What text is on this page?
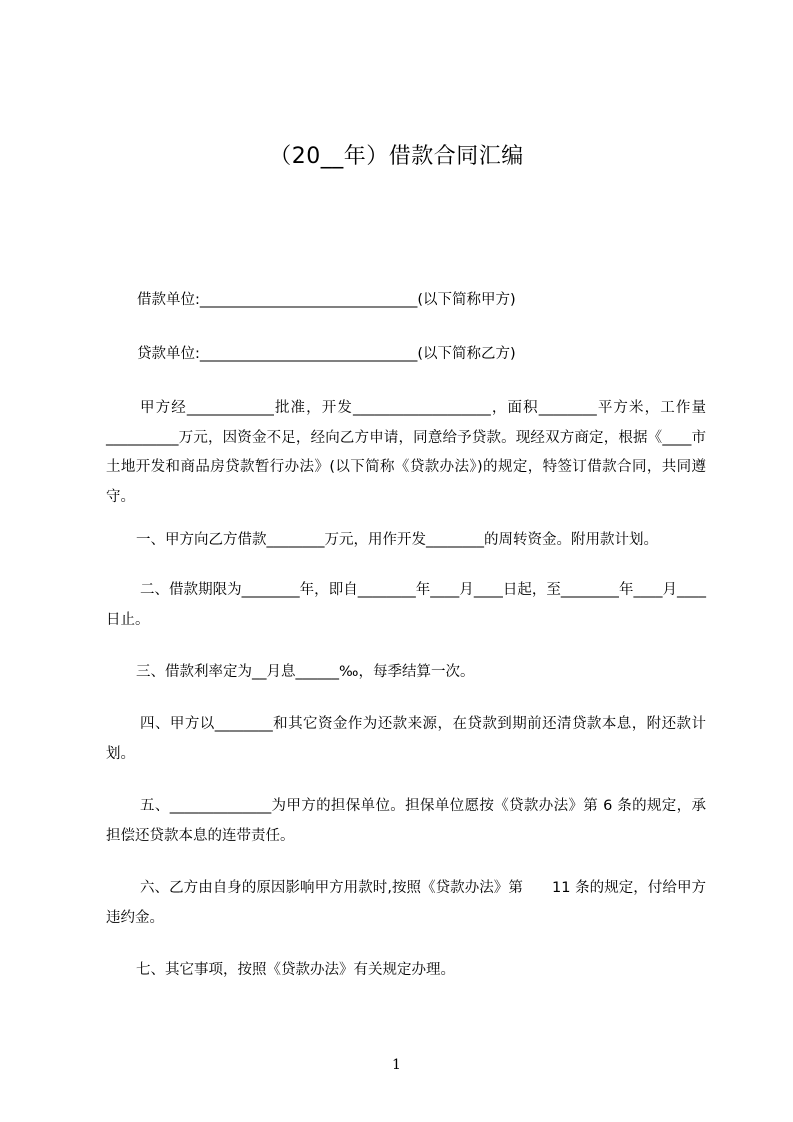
（20__年）借款合同汇编
借款单位:______________________________(以下简称甲方)
贷款单位:______________________________(以下简称乙方)
甲方经____________批准，开发___________________，面积________平方米，工作量__________万元，因资金不足，经向乙方申请，同意给予贷款。现经双方商定，根据《____市土地开发和商品房贷款暂行办法》(以下简称《贷款办法》)的规定，特签订借款合同，共同遵守。
一、甲方向乙方借款________万元，用作开发________的周转资金。附用款计划。
二、借款期限为________年，即自________年____月____日起，至________年____月____日止。
三、借款利率定为__月息______‰，每季结算一次。
四、甲方以________和其它资金作为还款来源，在贷款到期前还清贷款本息，附还款计划。
五、______________为甲方的担保单位。担保单位愿按《贷款办法》第 6 条的规定，承担偿还贷款本息的连带责任。
六、乙方由自身的原因影响甲方用款时,按照《贷款办法》第　　11 条的规定，付给甲方违约金。
七、其它事项，按照《贷款办法》有关规定办理。
1
